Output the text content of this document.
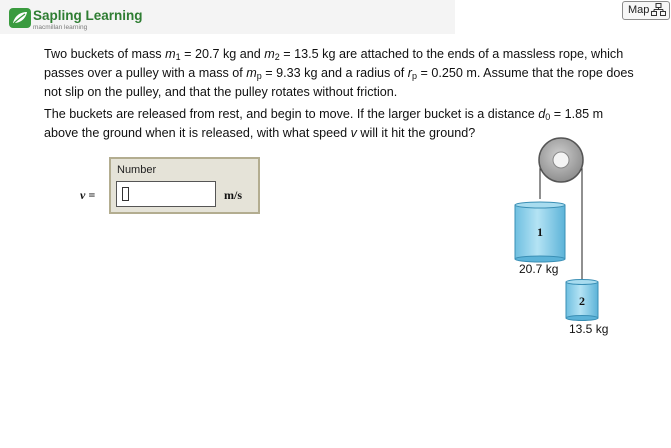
Sapling Learning
macmillan learning
Map
Two buckets of mass $m_1 = 20.7$ kg and $m_2 = 13.5$ kg are attached to the ends of a massless rope, which
passes over a pulley with a mass of $m_p = 9.33$ kg and a radius of $r_p = 0.250$ m. Assume that the rope does
not slip on the pulley, and that the pulley rotates without friction.
The buckets are released from rest, and begin to move. If the larger bucket is a distance $d_0 = 1.85$ m
above the ground when it is released, with what speed v will it hit the ground?
v =
Number
m/s
1
2
20.7 kg
13.5 kg
